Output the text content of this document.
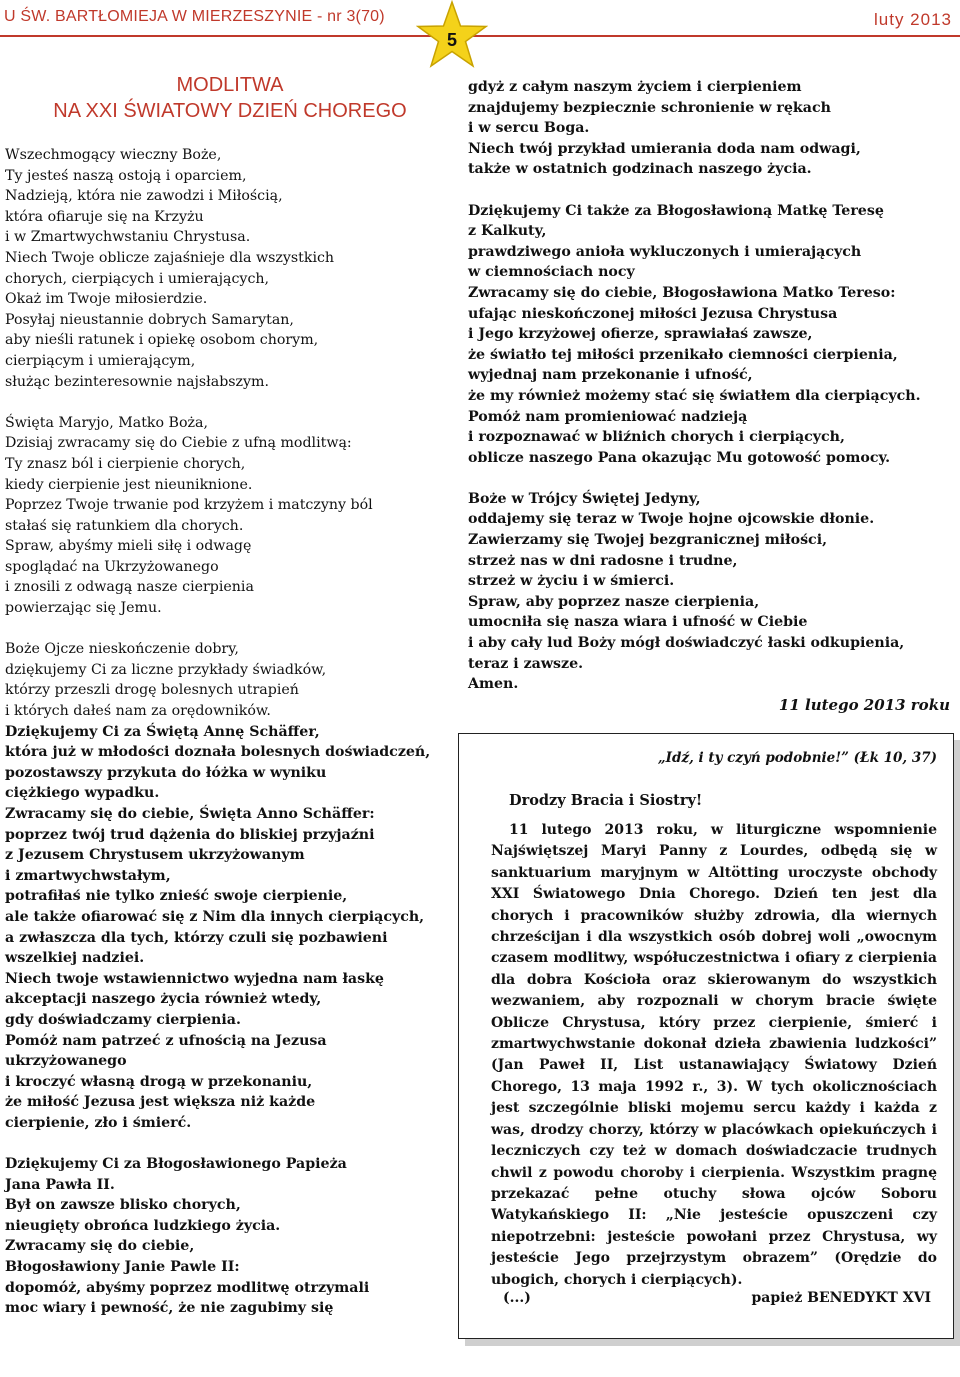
U ŚW. BARTŁOMIEJA W MIERZESZYNIE - nr 3(70)	luty 2013
5
MODLITWA
NA XXI ŚWIATOWY DZIEŃ CHOREGO

Wszechmogący wieczny Boże,

Ty jesteś naszą ostoją i oparciem,

Nadzieją, która nie zawodzi i Miłością,

która ofiaruje się na Krzyżu

i w Zmartwychwstaniu Chrystusa.

Niech Twoje oblicze zajaśnieje dla wszystkich

chorych, cierpiących i umierających,

Okaż im Twoje miłosierdzie.

Posyłaj nieustannie dobrych Samarytan,

aby nieśli ratunek i opiekę osobom chorym,

cierpiącym i umierającym,

służąc bezinteresownie najsłabszym.

Święta Maryjo, Matko Boża,

Dzisiaj zwracamy się do Ciebie z ufną modlitwą:

Ty znasz ból i cierpienie chorych,

kiedy cierpienie jest nieuniknione.

Poprzez Twoje trwanie pod krzyżem i matczyny ból

stałaś się ratunkiem dla chorych.

Spraw, abyśmy mieli siłę i odwagę

spoglądać na Ukrzyżowanego

i znosili z odwagą nasze cierpienia

powierzając się Jemu.

Boże Ojcze nieskończenie dobry,

dziękujemy Ci za liczne przykłady świadków,

którzy przeszli drogę bolesnych utrapień

i których dałeś nam za orędowników.

Dziękujemy Ci za Świętą Annę Schäffer,

która już w młodości doznała bolesnych doświadczeń,

pozostawszy przykuta do łóżka w wyniku

ciężkiego wypadku.

Zwracamy się do ciebie, Święta Anno Schäffer:

poprzez twój trud dążenia do bliskiej przyjaźni

z Jezusem Chrystusem ukrzyżowanym

i zmartwychwstałym,

potrafiłaś nie tylko znieść swoje cierpienie,

ale także ofiarować się z Nim dla innych cierpiących,

a zwłaszcza dla tych, którzy czuli się pozbawieni

wszelkiej nadziei.

Niech twoje wstawiennictwo wyjedna nam łaskę

akceptacji naszego życia również wtedy,

gdy doświadczamy cierpienia.

Pomóż nam patrzeć z ufnością na Jezusa

ukrzyżowanego

i kroczyć własną drogą w przekonaniu,

że miłość Jezusa jest większa niż każde

cierpienie, zło i śmierć.

Dziękujemy Ci za Błogosławionego Papieża

Jana Pawła II.

Był on zawsze blisko chorych,

nieugięty obrońca ludzkiego życia.

Zwracamy się do ciebie,

Błogosławiony Janie Pawle II:

dopomóż, abyśmy poprzez modlitwę otrzymali

moc wiary i pewność, że nie zagubimy się

gdyż z całym naszym życiem i cierpieniem

znajdujemy bezpiecznie schronienie w rękach

i w sercu Boga.

Niech twój przykład umierania doda nam odwagi,

także w ostatnich godzinach naszego życia.

Dziękujemy Ci także za Błogosławioną Matkę Teresę

z Kalkuty,

prawdziwego anioła wykluczonych i umierających

w ciemnościach nocy

Zwracamy się do ciebie, Błogosławiona Matko Tereso:

ufając nieskończonej miłości Jezusa Chrystusa

i Jego krzyżowej ofierze, sprawiałaś zawsze,

że światło tej miłości przenikało ciemności cierpienia,

wyjednaj nam przekonanie i ufność,

że my również możemy stać się światłem dla cierpiących.

Pomóż nam promieniować nadzieją

i rozpoznawać w bliźnich chorych i cierpiących,

oblicze naszego Pana okazując Mu gotowość pomocy.

Boże w Trójcy Świętej Jedyny,

oddajemy się teraz w Twoje hojne ojcowskie dłonie.

Zawierzamy się Twojej bezgranicznej miłości,

strzeż nas w dni radosne i trudne,

strzeż w życiu i w śmierci.

Spraw, aby poprzez nasze cierpienia,

umocniła się nasza wiara i ufność w Ciebie

i aby cały lud Boży mógł doświadczyć łaski odkupienia,

teraz i zawsze.

Amen.

11 lutego 2013 roku

„Idź, i ty czyń podobnie!” (Łk 10, 37)
Drodzy Bracia i Siostry!

11 lutego 2013 roku, w liturgiczne wspomnienie Najświętszej Maryi Panny z Lourdes, odbędą się w sanktuarium maryjnym w Altötting uroczyste obchody XXI Światowego Dnia Chorego. Dzień ten jest dla chorych i pracowników służby zdrowia, dla wiernych chrześcijan i dla wszystkich osób dobrej woli „owocnym czasem modlitwy, współuczestnictwa i ofiary z cierpienia dla dobra Kościoła oraz skierowanym do wszystkich wezwaniem, aby rozpoznali w chorym bracie święte Oblicze Chrystusa, który przez cierpienie, śmierć i zmartwychwstanie dokonał dzieła zbawienia ludzkości” (Jan Paweł II, List ustanawiający Światowy Dzień Chorego, 13 maja 1992 r., 3). W tych okolicznościach jest szczególnie bliski mojemu sercu każdy i każda z was, drodzy chorzy, którzy w placówkach opiekuńczych i leczniczych czy też w domach doświadczacie trudnych chwil z powodu choroby i cierpienia. Wszystkim pragnę przekazać pełne otuchy słowa ojców Soboru Watykańskiego II: „Nie jesteście opuszczeni czy niepotrzebni: jesteście powołani przez Chrystusa, wy jesteście Jego przejrzystym obrazem” (Orędzie do ubogich, chorych i cierpiących).

(...)	papież BENEDYKT XVI
